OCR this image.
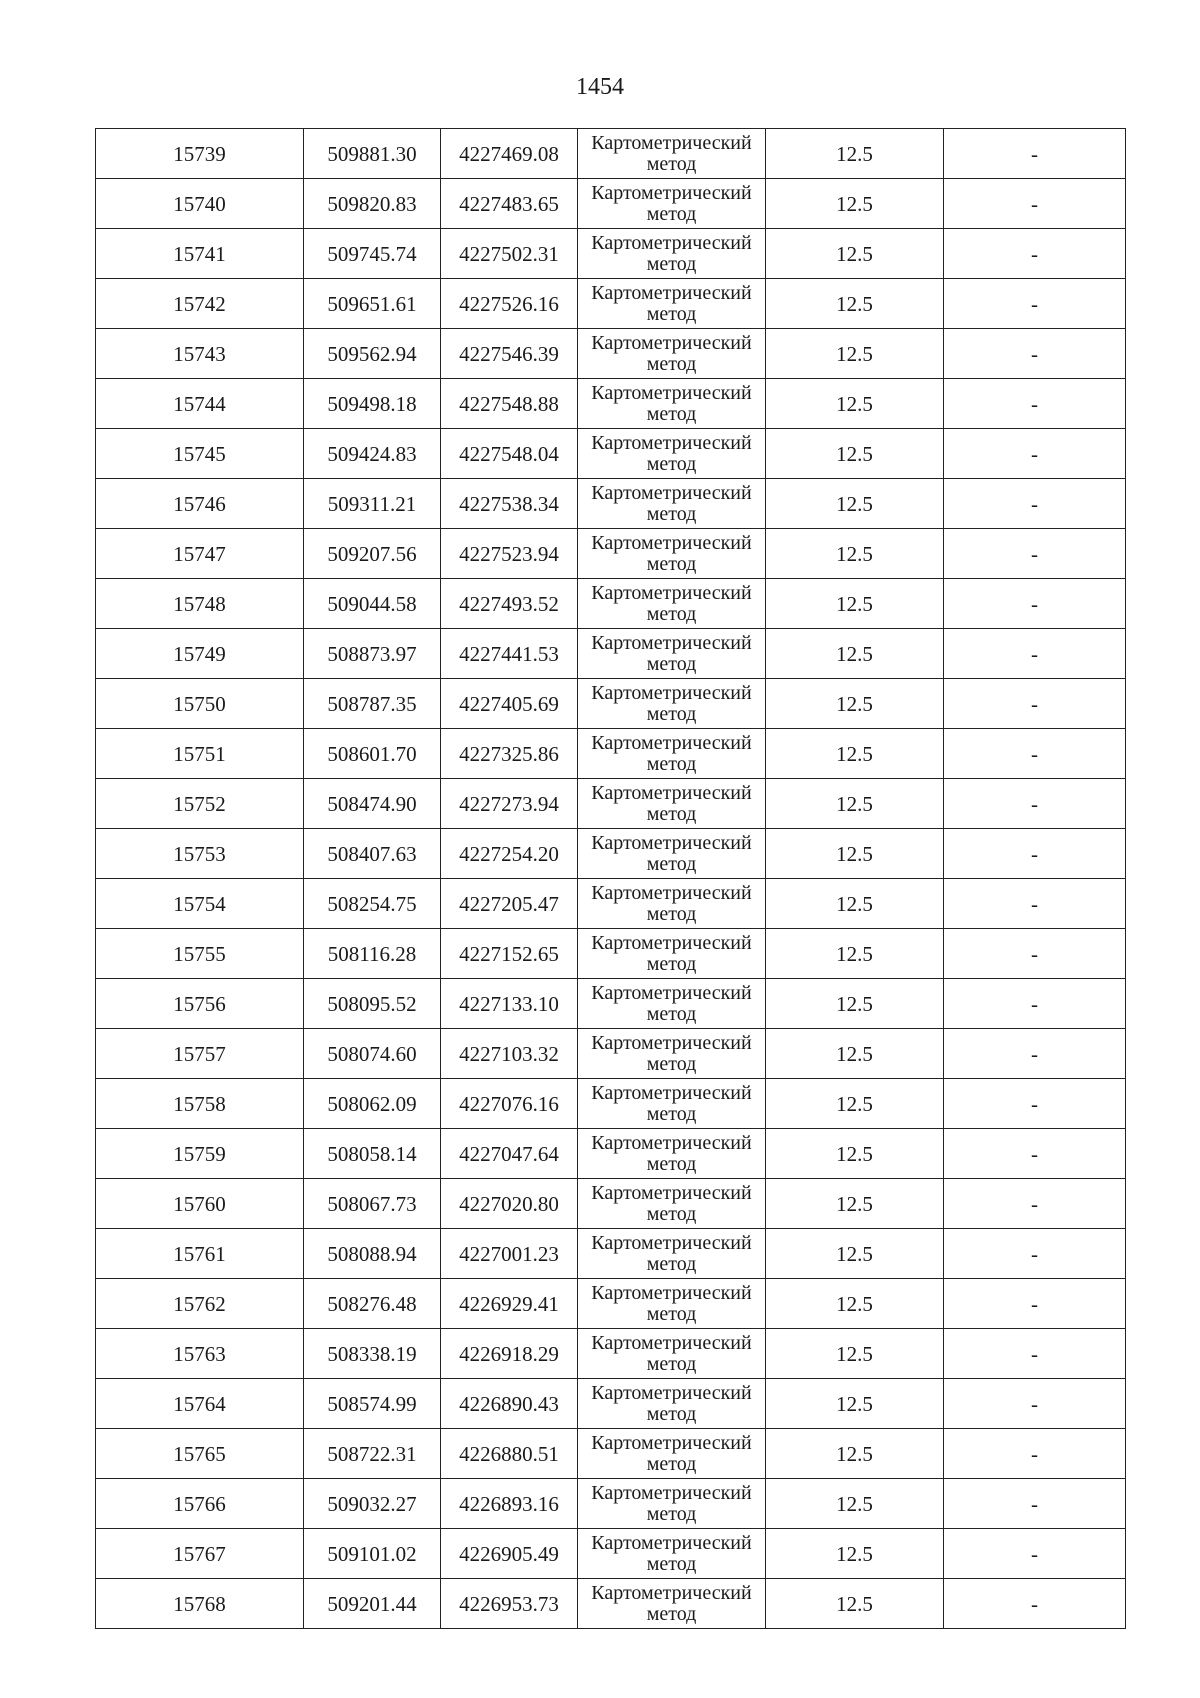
1454
15739	509881.30	4227469.08	Картометрический
метод	12.5	-
15740	509820.83	4227483.65	Картометрический
метод	12.5	-
15741	509745.74	4227502.31	Картометрический
метод	12.5	-
15742	509651.61	4227526.16	Картометрический
метод	12.5	-
15743	509562.94	4227546.39	Картометрический
метод	12.5	-
15744	509498.18	4227548.88	Картометрический
метод	12.5	-
15745	509424.83	4227548.04	Картометрический
метод	12.5	-
15746	509311.21	4227538.34	Картометрический
метод	12.5	-
15747	509207.56	4227523.94	Картометрический
метод	12.5	-
15748	509044.58	4227493.52	Картометрический
метод	12.5	-
15749	508873.97	4227441.53	Картометрический
метод	12.5	-
15750	508787.35	4227405.69	Картометрический
метод	12.5	-
15751	508601.70	4227325.86	Картометрический
метод	12.5	-
15752	508474.90	4227273.94	Картометрический
метод	12.5	-
15753	508407.63	4227254.20	Картометрический
метод	12.5	-
15754	508254.75	4227205.47	Картометрический
метод	12.5	-
15755	508116.28	4227152.65	Картометрический
метод	12.5	-
15756	508095.52	4227133.10	Картометрический
метод	12.5	-
15757	508074.60	4227103.32	Картометрический
метод	12.5	-
15758	508062.09	4227076.16	Картометрический
метод	12.5	-
15759	508058.14	4227047.64	Картометрический
метод	12.5	-
15760	508067.73	4227020.80	Картометрический
метод	12.5	-
15761	508088.94	4227001.23	Картометрический
метод	12.5	-
15762	508276.48	4226929.41	Картометрический
метод	12.5	-
15763	508338.19	4226918.29	Картометрический
метод	12.5	-
15764	508574.99	4226890.43	Картометрический
метод	12.5	-
15765	508722.31	4226880.51	Картометрический
метод	12.5	-
15766	509032.27	4226893.16	Картометрический
метод	12.5	-
15767	509101.02	4226905.49	Картометрический
метод	12.5	-
15768	509201.44	4226953.73	Картометрический
метод	12.5	-
